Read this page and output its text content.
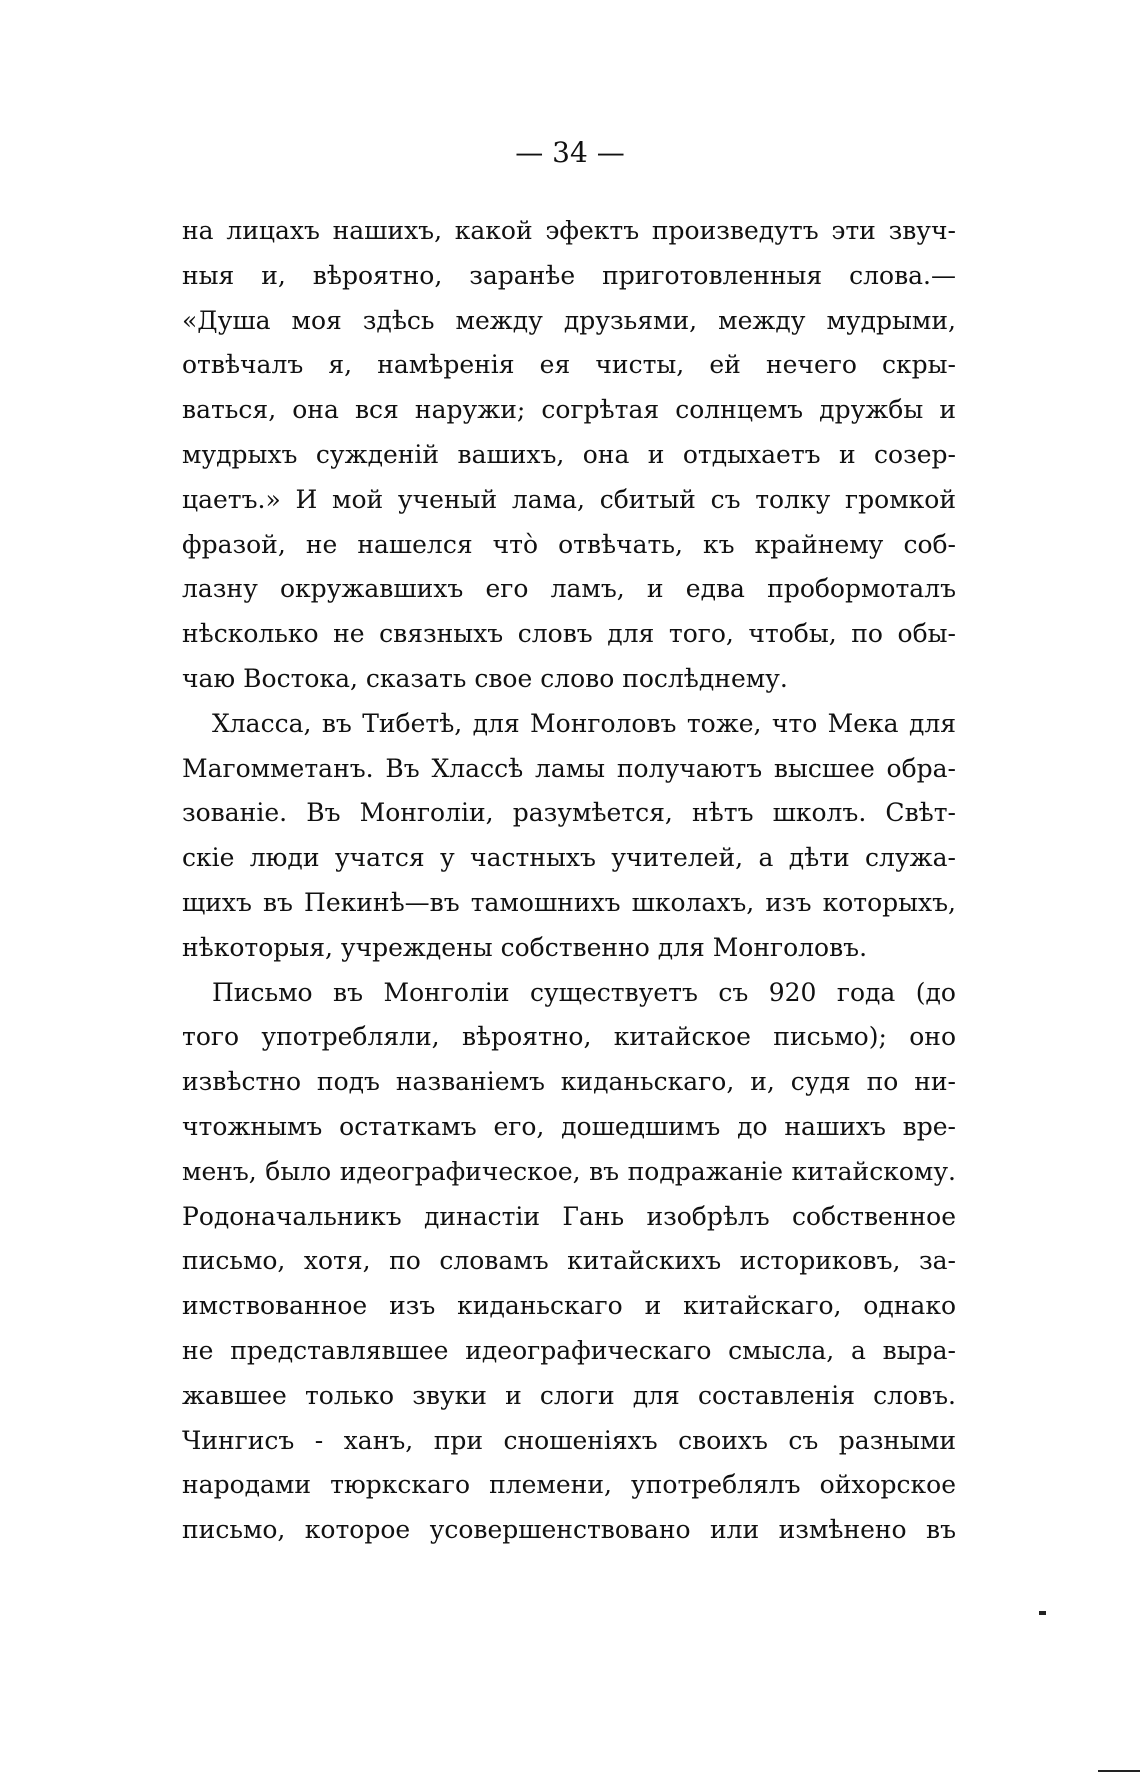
— 34 —

на лицахъ нашихъ, какой эфектъ произведутъ эти звуч-
ныя и, вѣроятно, заранѣе приготовленныя слова.—
«Душа моя здѣсь между друзьями, между мудрыми,
отвѣчалъ я, намѣренія ея чисты, ей нечего скры-
ваться, она вся наружи; согрѣтая солнцемъ дружбы и
мудрыхъ сужденій вашихъ, она и отдыхаетъ и созер-
цаетъ.» И мой ученый лама, сбитый съ толку громкой
фразой, не нашелся что̀ отвѣчать, къ крайнему соб-
лазну окружавшихъ его ламъ, и едва пробормоталъ
нѣсколько не связныхъ словъ для того, чтобы, по обы-
чаю Востока, сказать свое слово послѣднему.
Хласса, въ Тибетѣ, для Монголовъ тоже, что Мека для
Магомметанъ. Въ Хлассѣ ламы получаютъ высшее обра-
зованіе. Въ Монголіи, разумѣется, нѣтъ школъ. Свѣт-
скіе люди учатся у частныхъ учителей, а дѣти служа-
щихъ въ Пекинѣ—въ тамошнихъ школахъ, изъ которыхъ,
нѣкоторыя, учреждены собственно для Монголовъ.
Письмо въ Монголіи существуетъ съ 920 года (до
того употребляли, вѣроятно, китайское письмо); оно
извѣстно подъ названіемъ киданьскаго, и, судя по ни-
чтожнымъ остаткамъ его, дошедшимъ до нашихъ вре-
менъ, было идеографическое, въ подражаніе китайскому.
Родоначальникъ династіи Гань изобрѣлъ собственное
письмо, хотя, по словамъ китайскихъ историковъ, за-
имствованное изъ киданьскаго и китайскаго, однако
не представлявшее идеографическаго смысла, а выра-
жавшее только звуки и слоги для составленія словъ.
Чингисъ - ханъ, при сношеніяхъ своихъ съ разными
народами тюркскаго племени, употреблялъ ойхорское
письмо, которое усовершенствовано или измѣнено въ
